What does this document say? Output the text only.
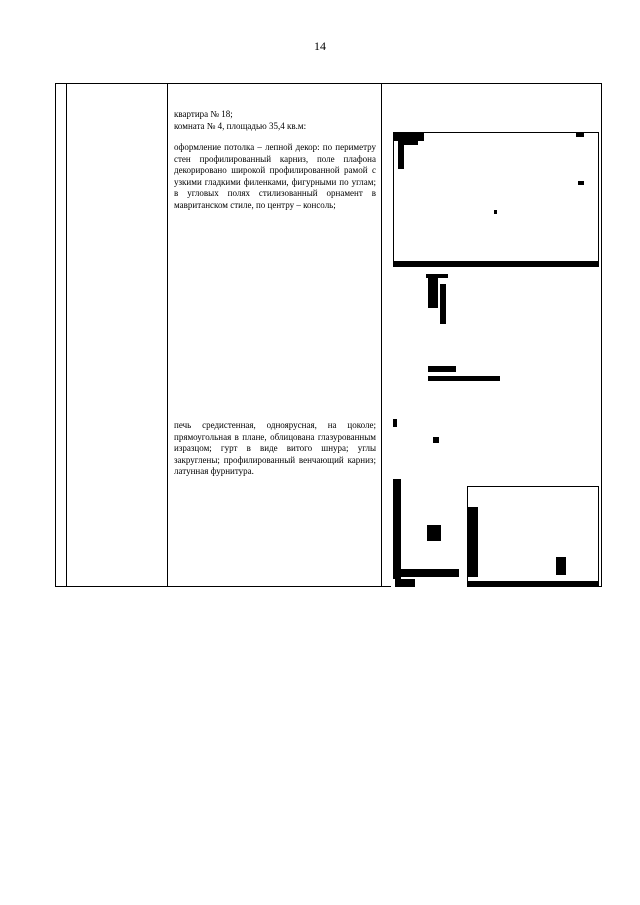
14

квартира № 18;

комната № 4, площадью 35,4 кв.м:

оформление потолка – лепной декор: по периметру стен профилированный карниз, поле плафона декорировано широкой профилированной рамой с узкими гладкими филенками, фигурными по углам; в угловых полях стилизованный орнамент в мавританском стиле, по центру – консоль;

печь средистенная, одноярусная, на цоколе; прямоугольная в плане, облицована глазурованным изразцом; гурт в виде витого шнура; углы закруглены; профилированный венчающий карниз; латунная фурнитура.
